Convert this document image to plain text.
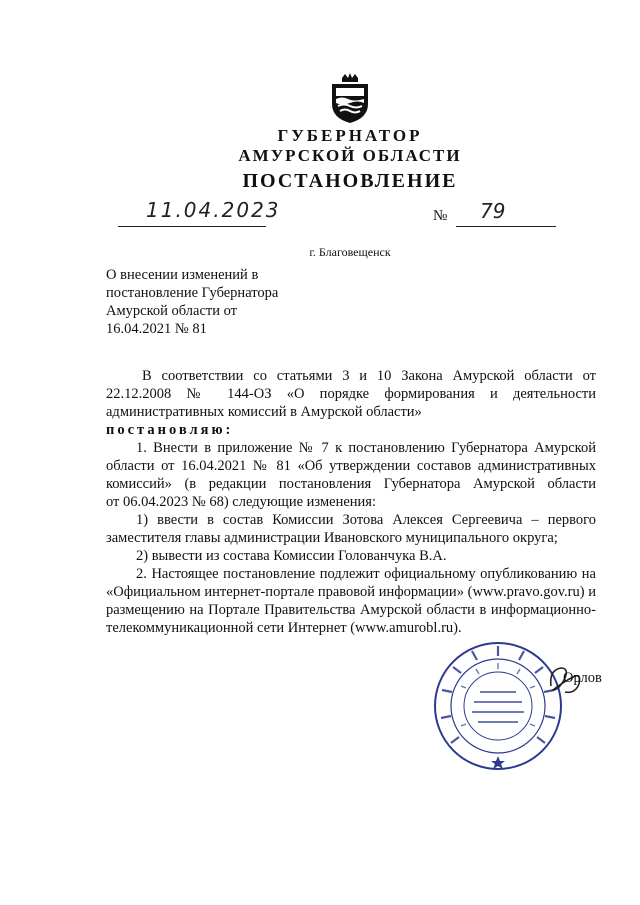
ГУБЕРНАТОР
АМУРСКОЙ ОБЛАСТИ
ПОСТАНОВЛЕНИЕ
11.04.2023	№ 79
г. Благовещенск
О внесении изменений в
постановление Губернатора
Амурской области от
16.04.2021 № 81
В соответствии со статьями 3 и 10 Закона Амурской области от
22.12.2008 № 144-ОЗ «О порядке формирования и деятельности
административных комиссий в Амурской области»
постановляю:
1. Внести в приложение № 7 к постановлению Губернатора Амурской
области от 16.04.2021 № 81 «Об утверждении составов административных
комиссий» (в редакции постановления Губернатора Амурской области
от 06.04.2023 № 68) следующие изменения:
1) ввести в состав Комиссии Зотова Алексея Сергеевича – первого
заместителя главы администрации Ивановского муниципального округа;
2) вывести из состава Комиссии Голованчука В.А.
2. Настоящее постановление подлежит официальному опубликованию на
«Официальном интернет-портале правовой информации» (www.pravo.gov.ru) и
размещению на Портале Правительства Амурской области в информационно-
телекоммуникационной сети Интернет (www.amurobl.ru).
Орлов
